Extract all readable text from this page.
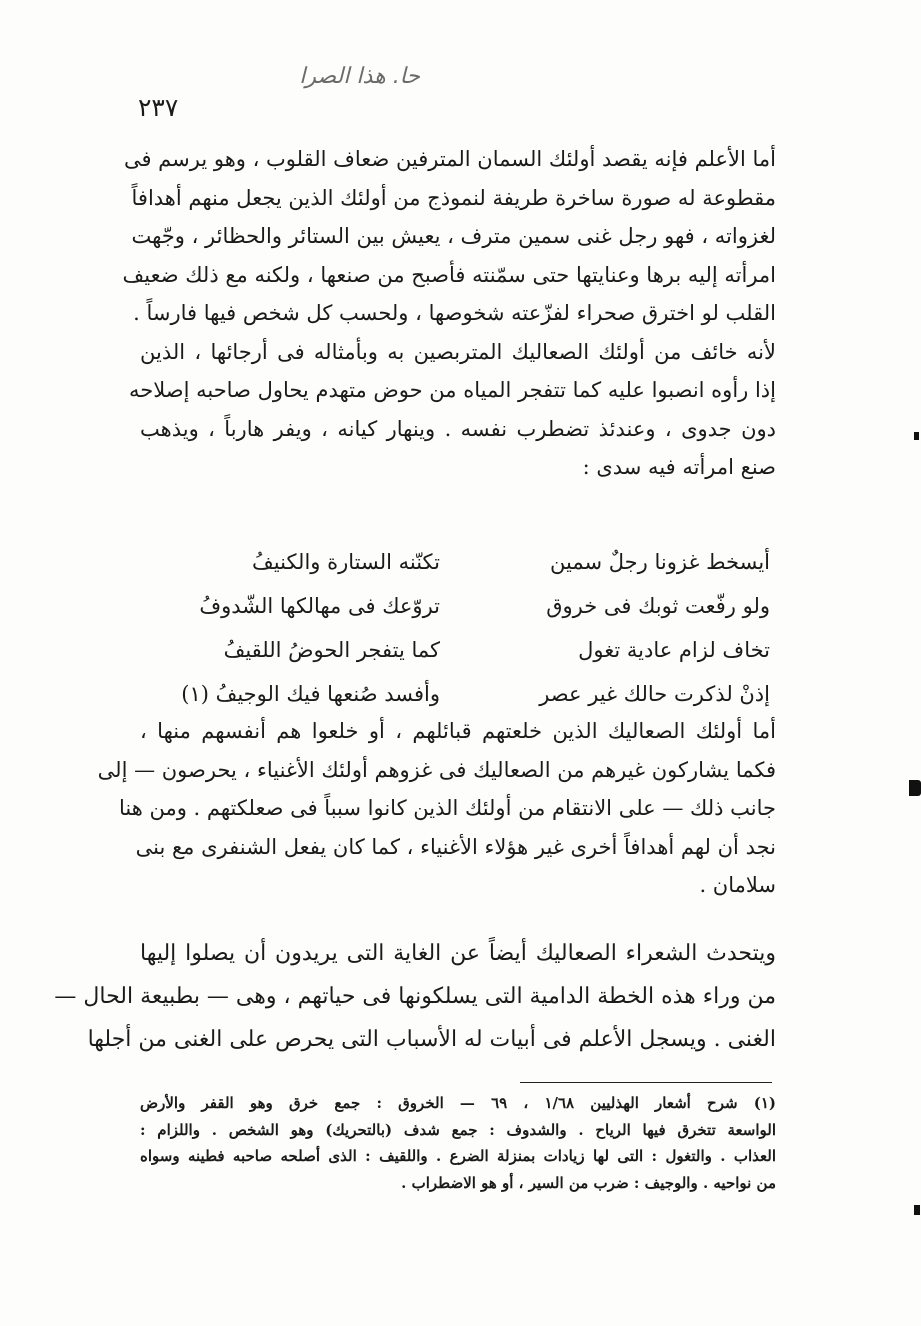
حا. هذا الصرا
٢٣٧
أما الأعلم فإنه يقصد أولئك السمان المترفين ضعاف القلوب ، وهو يرسم فى
مقطوعة له صورة ساخرة طريفة لنموذج من أولئك الذين يجعل منهم أهدافاً
لغزواته ، فهو رجل غنى سمين مترف ، يعيش بين الستائر والحظائر ، وجّهت
امرأته إليه برها وعنايتها حتى سمّنته فأصبح من صنعها ، ولكنه مع ذلك ضعيف
القلب لو اخترق صحراء لفزّعته شخوصها ، ولحسب كل شخص فيها فارساً .
لأنه خائف من أولئك الصعاليك المتربصين به وبأمثاله فى أرجائها ، الذين
إذا رأوه انصبوا عليه كما تتفجر المياه من حوض متهدم يحاول صاحبه إصلاحه
دون جدوى ، وعندئذ تضطرب نفسه . وينهار كيانه ، ويفر هارباً ، ويذهب
صنع امرأته فيه سدى :
أيسخط غزونا رجلٌ سمين
تكنّنه الستارة والكنيفُ
ولو رفّعت ثوبك فى خروق
تروّعك فى مهالكها الشّدوفُ
تخاف لزام عادية تغول
كما يتفجر الحوضُ اللقيفُ
إذنْ لذكرت حالك غير عصر
وأفسد صُنعها فيك الوجيفُ (١)
أما أولئك الصعاليك الذين خلعتهم قبائلهم ، أو خلعوا هم أنفسهم منها ،
فكما يشاركون غيرهم من الصعاليك فى غزوهم أولئك الأغنياء ، يحرصون — إلى
جانب ذلك — على الانتقام من أولئك الذين كانوا سبباً فى صعلكتهم . ومن هنا
نجد أن لهم أهدافاً أخرى غير هؤلاء الأغنياء ، كما كان يفعل الشنفرى مع بنى
سلامان .
ويتحدث الشعراء الصعاليك أيضاً عن الغاية التى يريدون أن يصلوا إليها
من وراء هذه الخطة الدامية التى يسلكونها فى حياتهم ، وهى — بطبيعة الحال —
الغنى . ويسجل الأعلم فى أبيات له الأسباب التى يحرص على الغنى من أجلها
(١) شرح أشعار الهذليين ١/٦٨ ، ٦٩ — الخروق : جمع خرق وهو القفر والأرض
الواسعة تتخرق فيها الرياح . والشدوف : جمع شدف (بالتحريك) وهو الشخص . واللزام :
العذاب . والتغول : التى لها زيادات بمنزلة الضرع . واللقيف : الذى أصلحه صاحبه فطينه وسواه
من نواحيه . والوجيف : ضرب من السير ، أو هو الاضطراب .
